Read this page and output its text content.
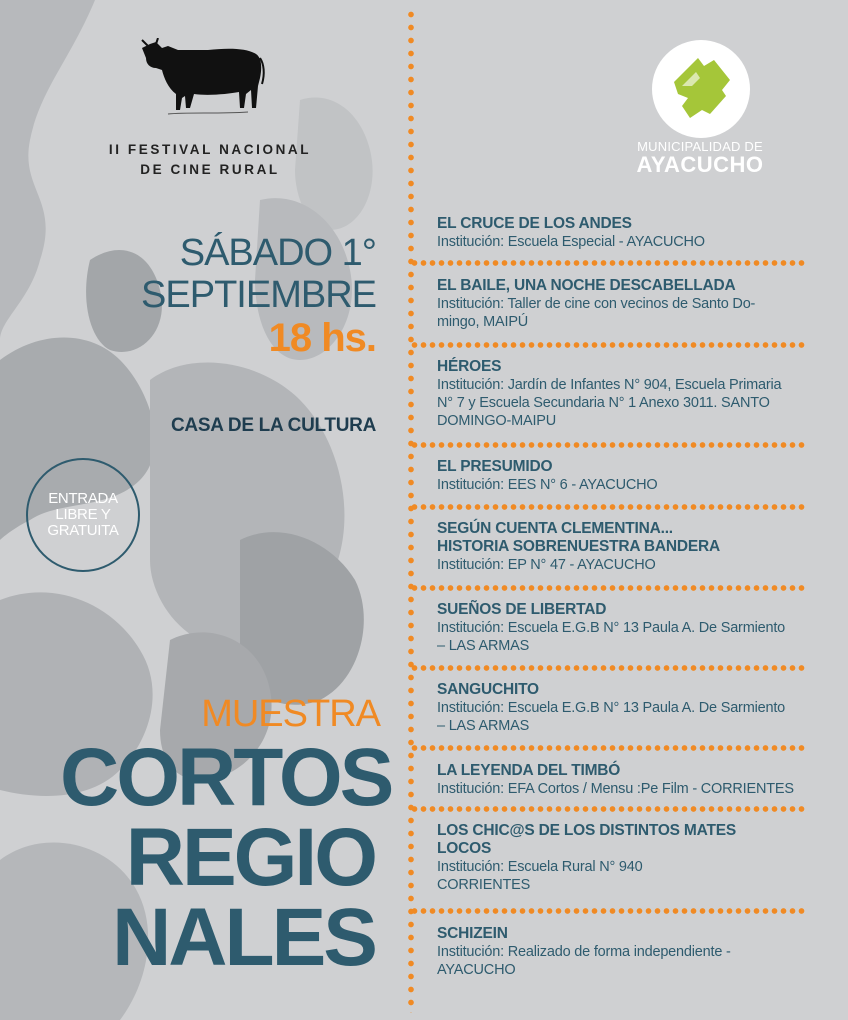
II FESTIVAL NACIONAL
DE CINE RURAL
MUNICIPALIDAD DE
AYACUCHO
SÁBADO 1°
SEPTIEMBRE
18 hs.
CASA DE LA CULTURA
ENTRADA
LIBRE Y
GRATUITA
MUESTRA
CORTOS
REGIO
NALES
EL CRUCE DE LOS ANDES
Institución: Escuela Especial - AYACUCHO
EL BAILE, UNA NOCHE DESCABELLADA
Institución: Taller de cine con vecinos de Santo Do-
mingo, MAIPÚ
HÉROES
Institución: Jardín de Infantes N° 904, Escuela Primaria
N° 7 y Escuela Secundaria N° 1 Anexo 3011. SANTO
DOMINGO-MAIPU
EL PRESUMIDO
Institución: EES N° 6 - AYACUCHO
SEGÚN CUENTA CLEMENTINA...
HISTORIA SOBRENUESTRA BANDERA
Institución: EP N° 47 - AYACUCHO
SUEÑOS DE LIBERTAD
Institución: Escuela E.G.B N° 13 Paula A. De Sarmiento
– LAS ARMAS
SANGUCHITO
Institución: Escuela E.G.B N° 13 Paula A. De Sarmiento
– LAS ARMAS
LA LEYENDA DEL TIMBÓ
Institución: EFA Cortos / Mensu :Pe Film - CORRIENTES
LOS CHIC@S DE LOS DISTINTOS MATES
LOCOS
Institución: Escuela Rural N° 940
CORRIENTES
SCHIZEIN
Institución: Realizado de forma independiente -
AYACUCHO
